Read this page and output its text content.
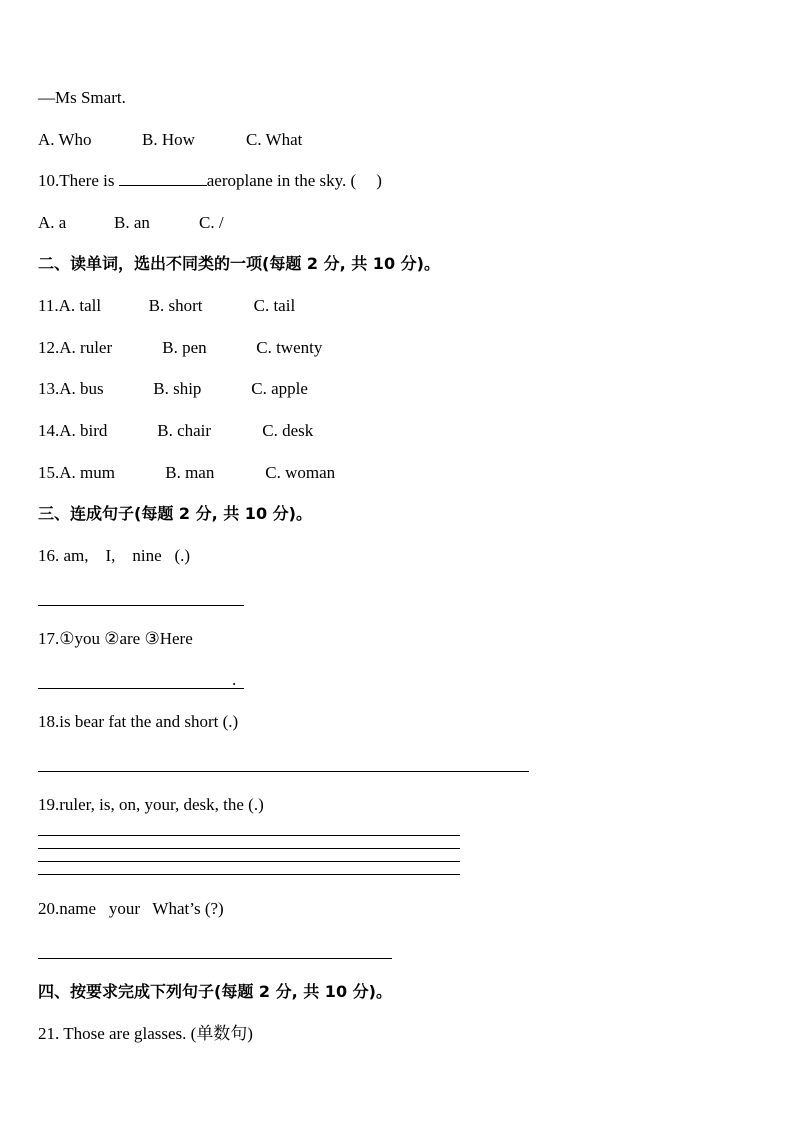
—Ms Smart.
A. Who	B. How	C. What
10.There is	aeroplane in the sky. ( )
A. a	B. an	C. /
二、读单词，选出不同类的一项(每题 2 分, 共 10 分)。
11.A. tall	B. short	C. tail
12.A. ruler	B. pen	C. twenty
13.A. bus	B. ship	C. apple
14.A. bird	B. chair	C. desk
15.A. mum	B. man	C. woman
三、连成句子(每题 2 分, 共 10 分)。
16. am,    I,    nine   (.)
17.①you ②are ③Here
.
18.is bear fat the and short (.)
19.ruler, is, on, your, desk, the (.)
20.name   your   What’s (?)
四、按要求完成下列句子(每题 2 分, 共 10 分)。
21. Those are glasses. (单数句)
